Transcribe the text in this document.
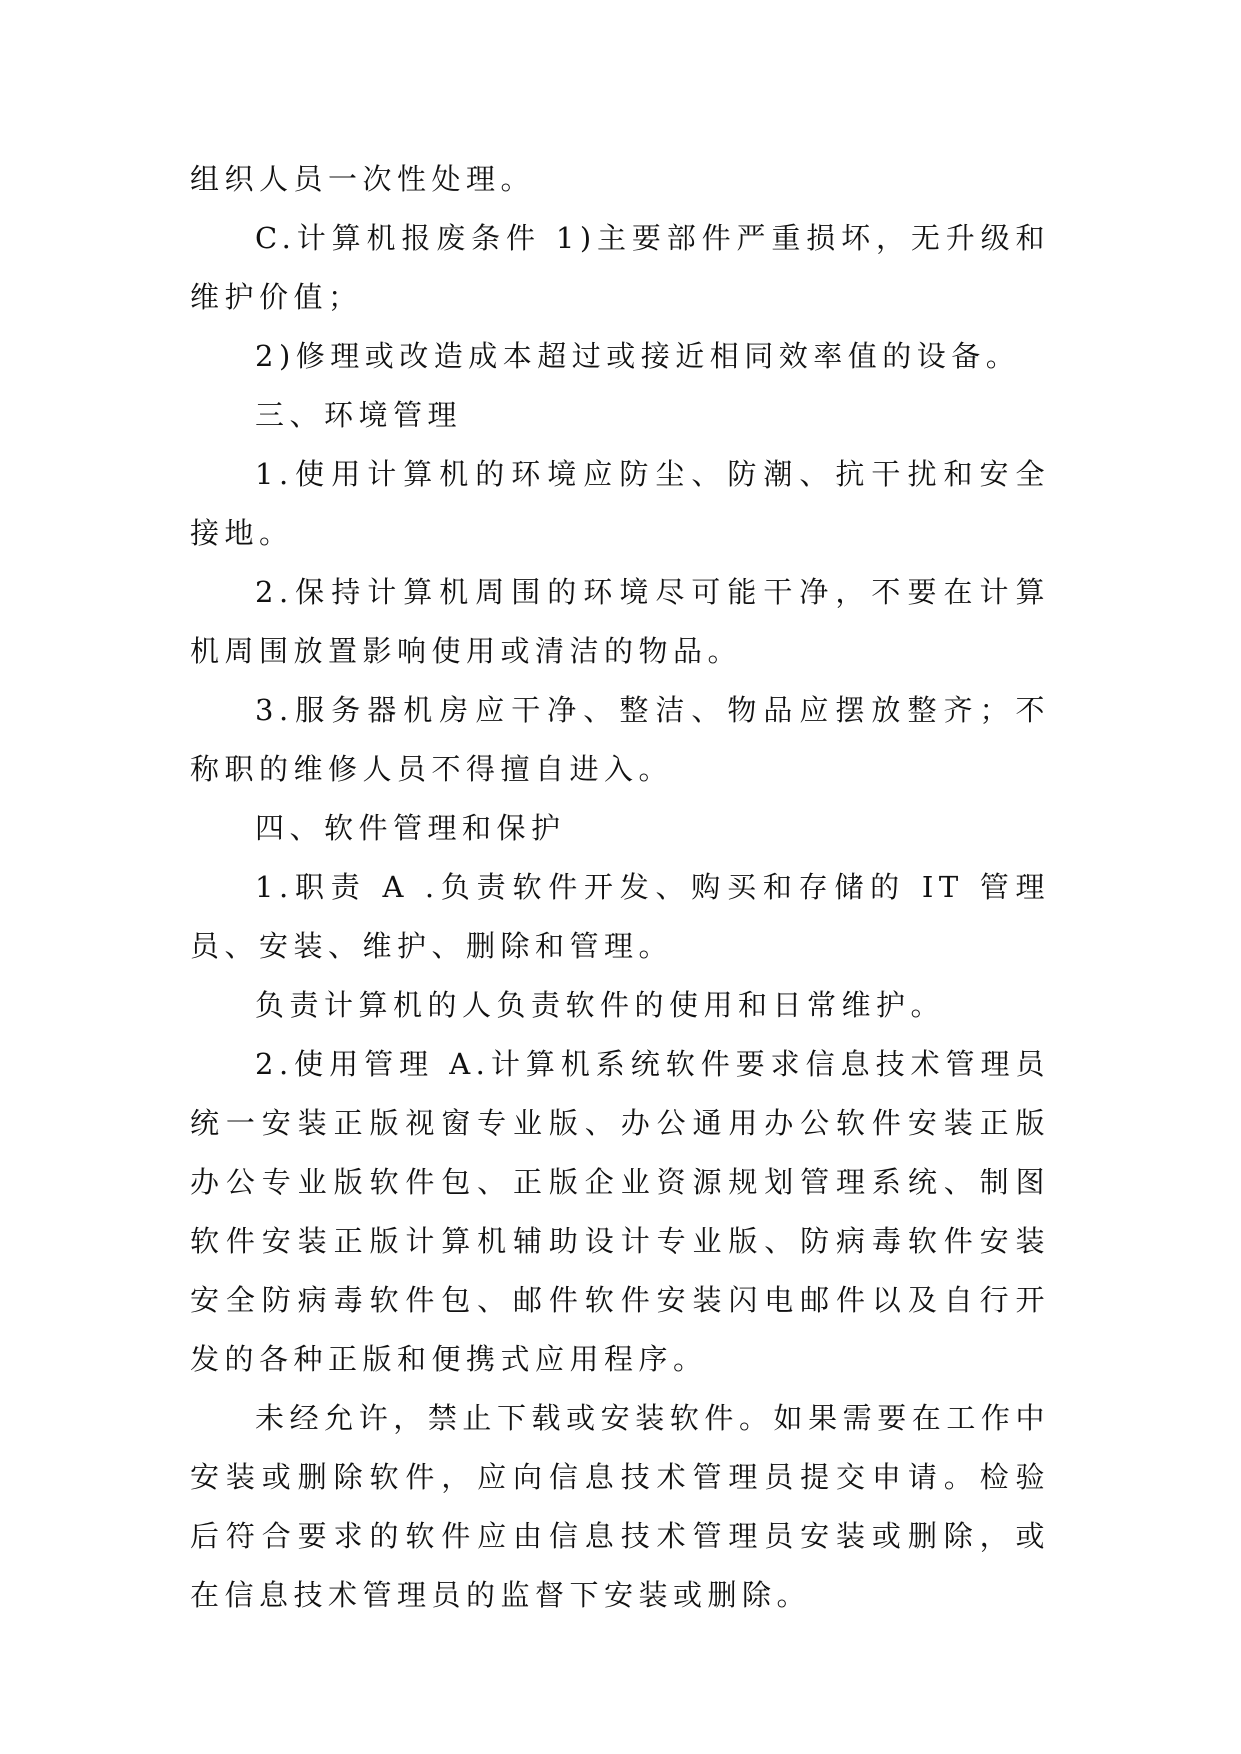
组织人员一次性处理。

C.计算机报废条件 1)主要部件严重损坏，无升级和维护价值；

2)修理或改造成本超过或接近相同效率值的设备。

三、环境管理

1.使用计算机的环境应防尘、防潮、抗干扰和安全接地。

2.保持计算机周围的环境尽可能干净，不要在计算机周围放置影响使用或清洁的物品。

3.服务器机房应干净、整洁、物品应摆放整齐；不称职的维修人员不得擅自进入。

四、软件管理和保护

1.职责 A .负责软件开发、购买和存储的 IT 管理员、安装、维护、删除和管理。

负责计算机的人负责软件的使用和日常维护。

2.使用管理 A.计算机系统软件要求信息技术管理员统一安装正版视窗专业版、办公通用办公软件安装正版办公专业版软件包、正版企业资源规划管理系统、制图软件安装正版计算机辅助设计专业版、防病毒软件安装安全防病毒软件包、邮件软件安装闪电邮件以及自行开发的各种正版和便携式应用程序。

未经允许，禁止下载或安装软件。如果需要在工作中安装或删除软件，应向信息技术管理员提交申请。检验后符合要求的软件应由信息技术管理员安装或删除，或在信息技术管理员的监督下安装或删除。
